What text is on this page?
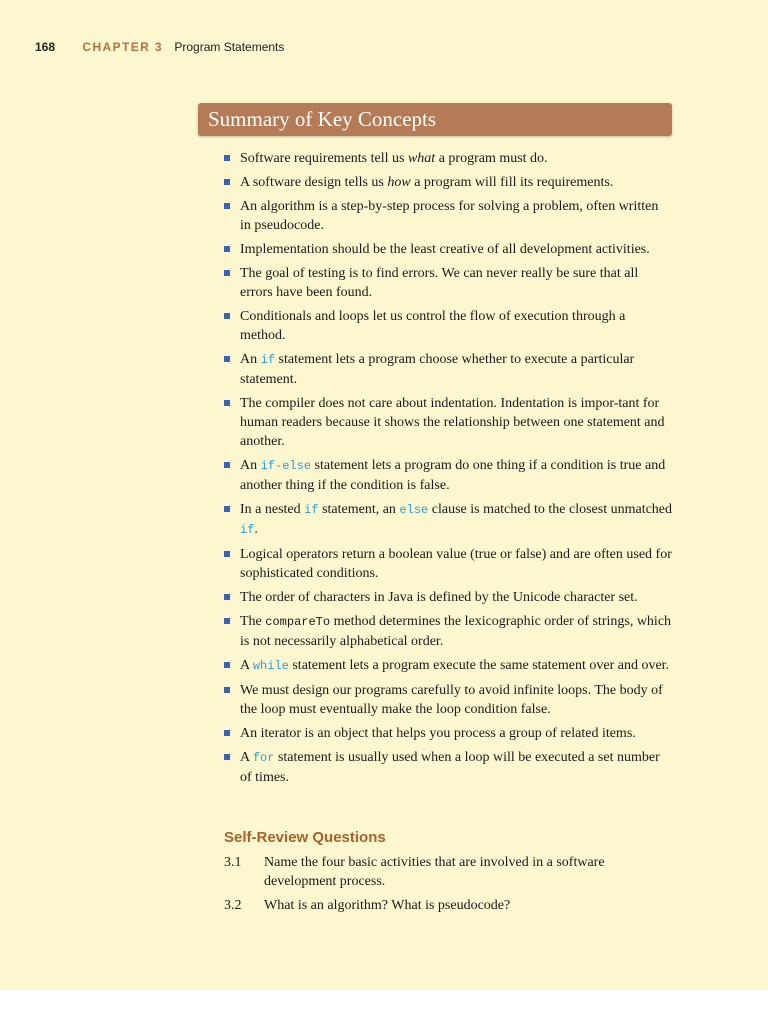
168 CHAPTER 3 Program Statements
Summary of Key Concepts
Software requirements tell us what a program must do.
A software design tells us how a program will fill its requirements.
An algorithm is a step-by-step process for solving a problem, often written in pseudocode.
Implementation should be the least creative of all development activities.
The goal of testing is to find errors. We can never really be sure that all errors have been found.
Conditionals and loops let us control the flow of execution through a method.
An if statement lets a program choose whether to execute a particular statement.
The compiler does not care about indentation. Indentation is impor-tant for human readers because it shows the relationship between one statement and another.
An if-else statement lets a program do one thing if a condition is true and another thing if the condition is false.
In a nested if statement, an else clause is matched to the closest unmatched if.
Logical operators return a boolean value (true or false) and are often used for sophisticated conditions.
The order of characters in Java is defined by the Unicode character set.
The compareTo method determines the lexicographic order of strings, which is not necessarily alphabetical order.
A while statement lets a program execute the same statement over and over.
We must design our programs carefully to avoid infinite loops. The body of the loop must eventually make the loop condition false.
An iterator is an object that helps you process a group of related items.
A for statement is usually used when a loop will be executed a set number of times.
Self-Review Questions
3.1 Name the four basic activities that are involved in a software development process.
3.2 What is an algorithm? What is pseudocode?
